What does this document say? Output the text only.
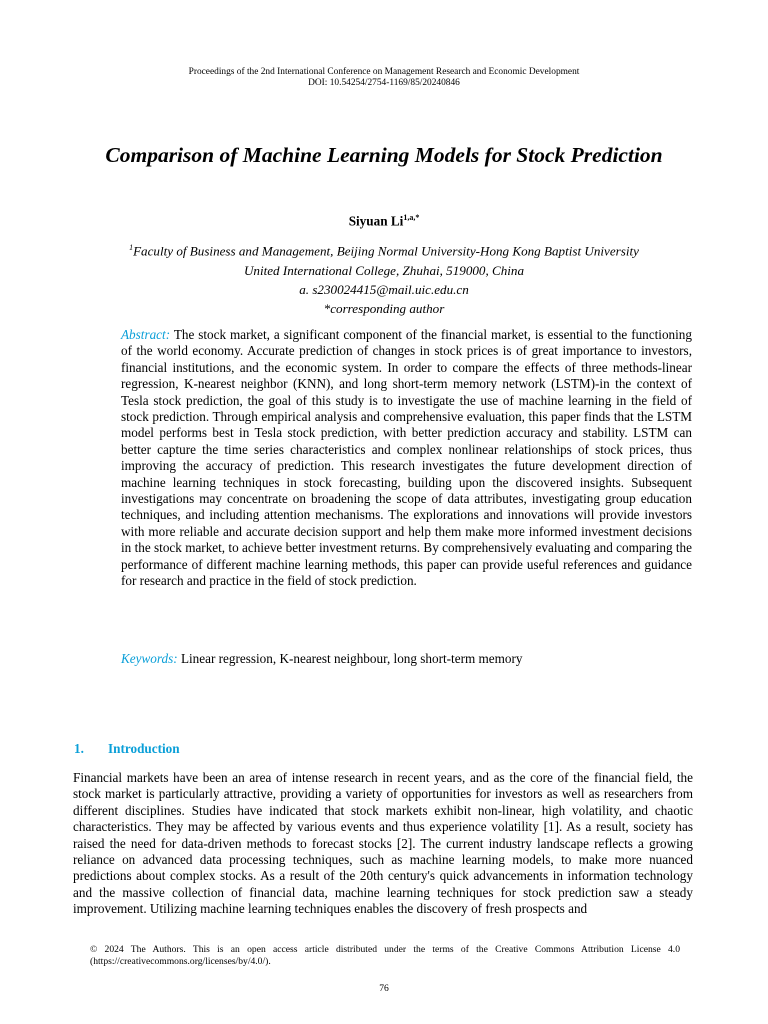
Proceedings of the 2nd International Conference on Management Research and Economic Development
DOI: 10.54254/2754-1169/85/20240846
Comparison of Machine Learning Models for Stock Prediction
Siyuan $Li^{1,a,*}$
$^1$Faculty of Business and Management, Beijing Normal University-Hong Kong Baptist University
United International College, Zhuhai, 519000, China
a. s230024415@mail.uic.edu.cn
*corresponding author

Abstract: The stock market, a significant component of the financial market, is essential to the functioning of the world economy. Accurate prediction of changes in stock prices is of great importance to investors, financial institutions, and the economic system. In order to compare the effects of three methods-linear regression, K-nearest neighbor (KNN), and long short-term memory network (LSTM)-in the context of Tesla stock prediction, the goal of this study is to investigate the use of machine learning in the field of stock prediction. Through empirical analysis and comprehensive evaluation, this paper finds that the LSTM model performs best in Tesla stock prediction, with better prediction accuracy and stability. LSTM can better capture the time series characteristics and complex nonlinear relationships of stock prices, thus improving the accuracy of prediction. This research investigates the future development direction of machine learning techniques in stock forecasting, building upon the discovered insights. Subsequent investigations may concentrate on broadening the scope of data attributes, investigating group education techniques, and including attention mechanisms. The explorations and innovations will provide investors with more reliable and accurate decision support and help them make more informed investment decisions in the stock market, to achieve better investment returns. By comprehensively evaluating and comparing the performance of different machine learning methods, this paper can provide useful references and guidance for research and practice in the field of stock prediction.

Keywords: Linear regression, K-nearest neighbour, long short-term memory
1. Introduction

Financial markets have been an area of intense research in recent years, and as the core of the financial field, the stock market is particularly attractive, providing a variety of opportunities for investors as well as researchers from different disciplines. Studies have indicated that stock markets exhibit non-linear, high volatility, and chaotic characteristics. They may be affected by various events and thus experience volatility [1]. As a result, society has raised the need for data-driven methods to forecast stocks [2]. The current industry landscape reflects a growing reliance on advanced data processing techniques, such as machine learning models, to make more nuanced predictions about complex stocks. As a result of the 20th century's quick advancements in information technology and the massive collection of financial data, machine learning techniques for stock prediction saw a steady improvement. Utilizing machine learning techniques enables the discovery of fresh prospects and

© 2024 The Authors. This is an open access article distributed under the terms of the Creative Commons Attribution License 4.0 (https://creativecommons.org/licenses/by/4.0/).
76
